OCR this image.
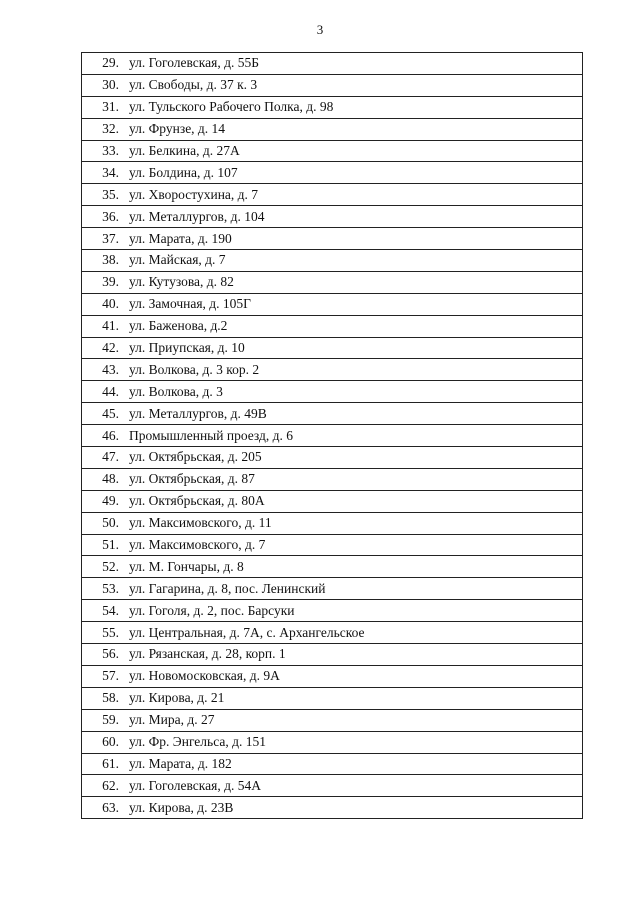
3
29.	ул. Гоголевская, д. 55Б
30.	ул. Свободы, д. 37 к. 3
31.	ул. Тульского Рабочего Полка, д. 98
32.	ул. Фрунзе, д. 14
33.	ул. Белкина, д. 27А
34.	ул. Болдина, д. 107
35.	ул. Хворостухина, д. 7
36.	ул. Металлургов, д. 104
37.	ул. Марата, д. 190
38.	ул. Майская, д. 7
39.	ул. Кутузова, д. 82
40.	ул. Замочная, д. 105Г
41.	ул. Баженова, д.2
42.	ул. Приупская, д. 10
43.	ул. Волкова, д. 3 кор. 2
44.	ул. Волкова, д. 3
45.	ул. Металлургов, д. 49В
46.	Промышленный проезд, д. 6
47.	ул. Октябрьская, д. 205
48.	ул. Октябрьская, д. 87
49.	ул. Октябрьская, д. 80А
50.	ул. Максимовского, д. 11
51.	ул. Максимовского, д. 7
52.	ул. М. Гончары, д. 8
53.	ул. Гагарина, д. 8, пос. Ленинский
54.	ул. Гоголя, д. 2, пос. Барсуки
55.	ул. Центральная, д. 7А, с. Архангельское
56.	ул. Рязанская, д. 28, корп. 1
57.	ул. Новомосковская, д. 9А
58.	ул. Кирова, д. 21
59.	ул. Мира, д. 27
60.	ул. Фр. Энгельса, д. 151
61.	ул. Марата, д. 182
62.	ул. Гоголевская, д. 54А
63.	ул. Кирова, д. 23В
